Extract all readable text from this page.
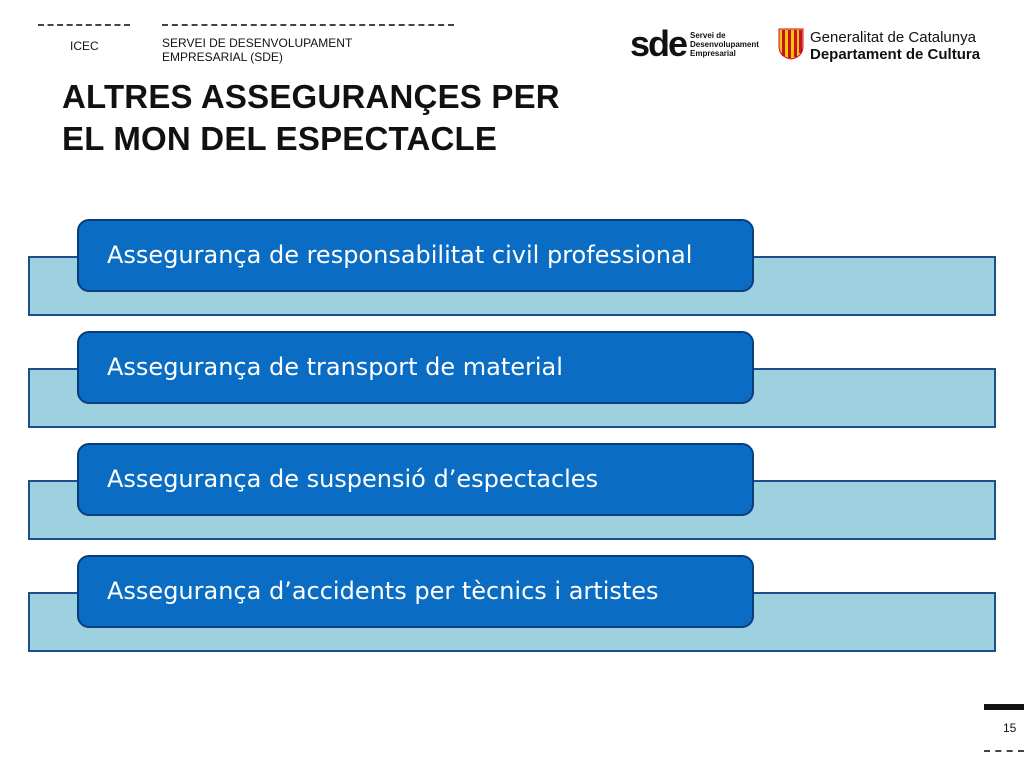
ICEC	SERVEI DE DESENVOLUPAMENT
EMPRESARIAL (SDE)	sde Servei de
Desenvolupament
Empresarial
Generalitat de Catalunya
Departament de Cultura
ALTRES ASSEGURANÇES PER
EL MON DEL ESPECTACLE
Assegurança de responsabilitat civil professional
Assegurança de transport de material
Assegurança de suspensió d’espectacles
Assegurança d’accidents per tècnics i artistes
15
